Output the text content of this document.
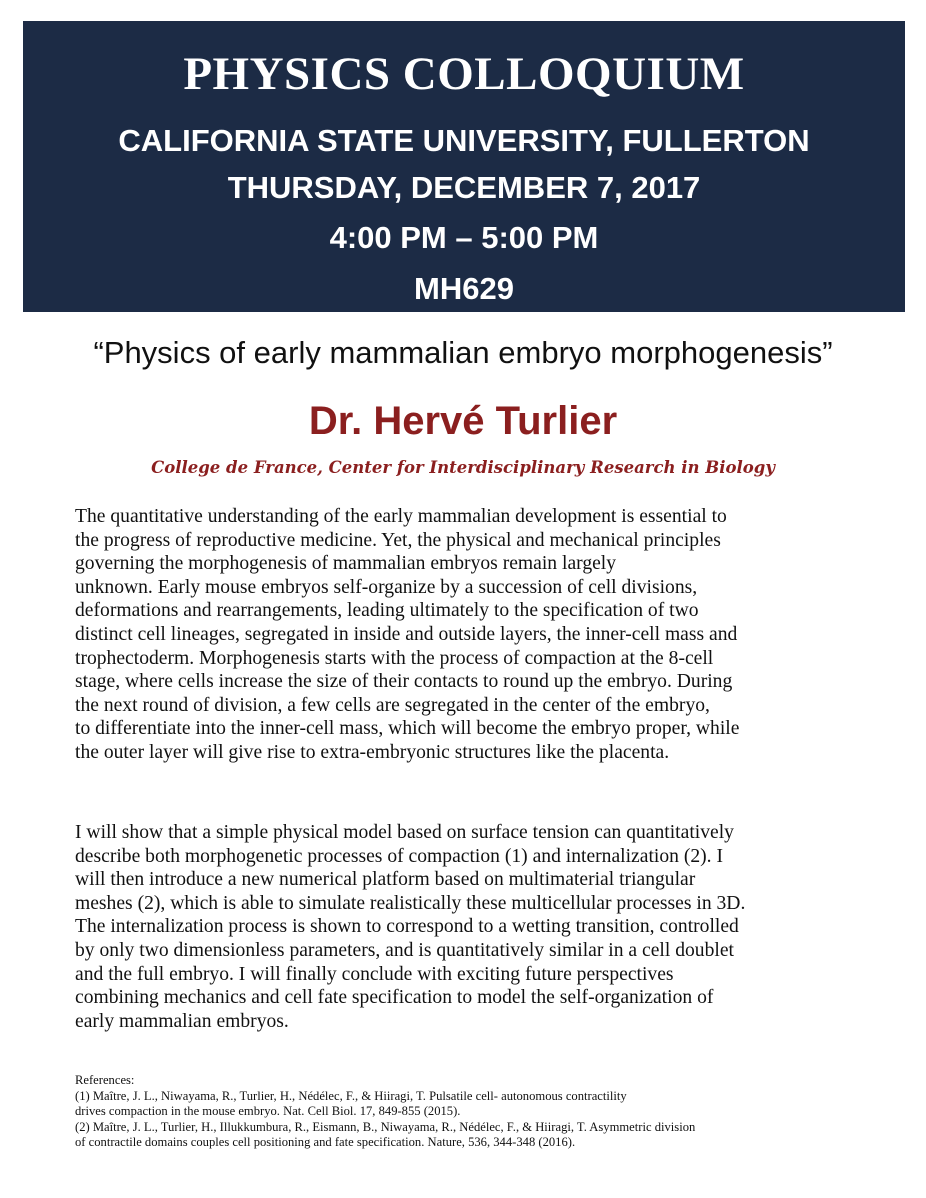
PHYSICS COLLOQUIUM
CALIFORNIA STATE UNIVERSITY, FULLERTON
THURSDAY, DECEMBER 7, 2017
4:00 PM – 5:00 PM
MH629
“Physics of early mammalian embryo morphogenesis”
Dr. Hervé Turlier
College de France, Center for Interdisciplinary Research in Biology
The quantitative understanding of the early mammalian development is essential to
the progress of reproductive medicine. Yet, the physical and mechanical principles
governing the morphogenesis of mammalian embryos remain largely
unknown. Early mouse embryos self-organize by a succession of cell divisions,
deformations and rearrangements, leading ultimately to the specification of two
distinct cell lineages, segregated in inside and outside layers, the inner-cell mass and
trophectoderm. Morphogenesis starts with the process of compaction at the 8-cell
stage, where cells increase the size of their contacts to round up the embryo. During
the next round of division, a few cells are segregated in the center of the embryo,
to differentiate into the inner-cell mass, which will become the embryo proper, while
the outer layer will give rise to extra-embryonic structures like the placenta.
I will show that a simple physical model based on surface tension can quantitatively
describe both morphogenetic processes of compaction (1) and internalization (2). I
will then introduce a new numerical platform based on multimaterial triangular
meshes (2), which is able to simulate realistically these multicellular processes in 3D.
The internalization process is shown to correspond to a wetting transition, controlled
by only two dimensionless parameters, and is quantitatively similar in a cell doublet
and the full embryo. I will finally conclude with exciting future perspectives
combining mechanics and cell fate specification to model the self-organization of
early mammalian embryos.
References:
(1) Maître, J. L., Niwayama, R., Turlier, H., Nédélec, F., & Hiiragi, T. Pulsatile cell- autonomous contractility
drives compaction in the mouse embryo. Nat. Cell Biol. 17, 849-855 (2015).
(2) Maître, J. L., Turlier, H., Illukkumbura, R., Eismann, B., Niwayama, R., Nédélec, F., & Hiiragi, T. Asymmetric division
of contractile domains couples cell positioning and fate specification. Nature, 536, 344-348 (2016).
